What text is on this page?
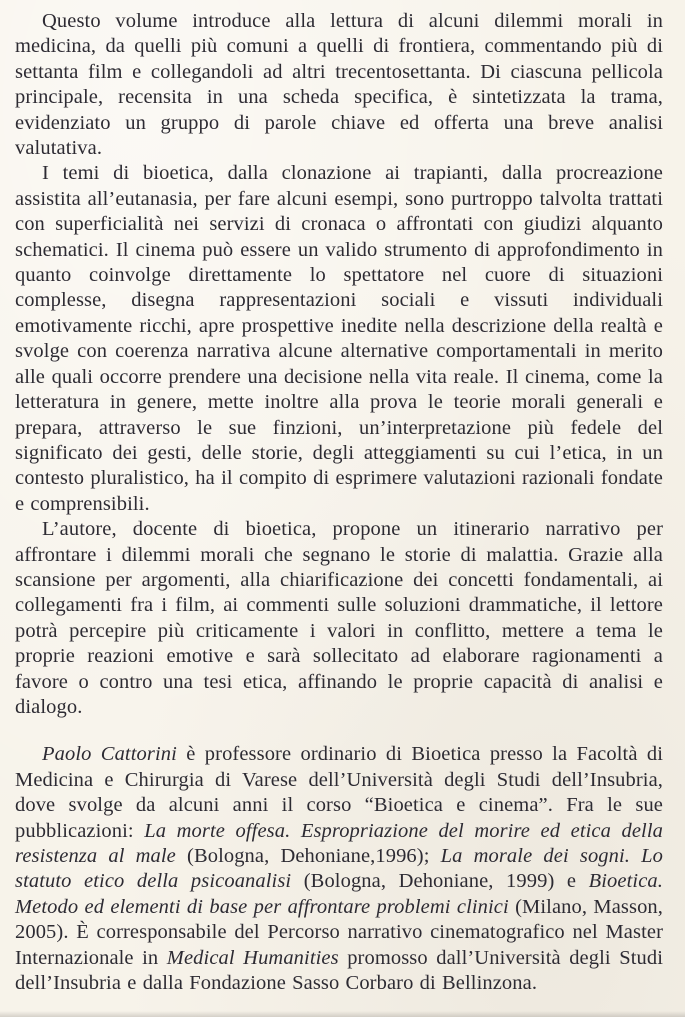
Questo volume introduce alla lettura di alcuni dilemmi morali in medicina, da quelli più comuni a quelli di frontiera, commentando più di settanta film e collegandoli ad altri trecentosettanta. Di ciascuna pellicola principale, recensita in una scheda specifica, è sintetizzata la trama, evidenziato un gruppo di parole chiave ed offerta una breve analisi valutativa.

I temi di bioetica, dalla clonazione ai trapianti, dalla procreazione assistita all’eutanasia, per fare alcuni esempi, sono purtroppo talvolta trattati con superficialità nei servizi di cronaca o affrontati con giudizi alquanto schematici. Il cinema può essere un valido strumento di approfondimento in quanto coinvolge direttamente lo spettatore nel cuore di situazioni complesse, disegna rappresentazioni sociali e vissuti individuali emotivamente ricchi, apre prospettive inedite nella descrizione della realtà e svolge con coerenza narrativa alcune alternative comportamentali in merito alle quali occorre prendere una decisione nella vita reale. Il cinema, come la letteratura in genere, mette inoltre alla prova le teorie morali generali e prepara, attraverso le sue finzioni, un’interpretazione più fedele del significato dei gesti, delle storie, degli atteggiamenti su cui l’etica, in un contesto pluralistico, ha il compito di esprimere valutazioni razionali fondate e comprensibili.

L’autore, docente di bioetica, propone un itinerario narrativo per affrontare i dilemmi morali che segnano le storie di malattia. Grazie alla scansione per argomenti, alla chiarificazione dei concetti fondamentali, ai collegamenti fra i film, ai commenti sulle soluzioni drammatiche, il lettore potrà percepire più criticamente i valori in conflitto, mettere a tema le proprie reazioni emotive e sarà sollecitato ad elaborare ragionamenti a favore o contro una tesi etica, affinando le proprie capacità di analisi e dialogo.

Paolo Cattorini è professore ordinario di Bioetica presso la Facoltà di Medicina e Chirurgia di Varese dell’Università degli Studi dell’Insubria, dove svolge da alcuni anni il corso “Bioetica e cinema”. Fra le sue pubblicazioni: La morte offesa. Espropriazione del morire ed etica della resistenza al male (Bologna, Dehoniane,1996); La morale dei sogni. Lo statuto etico della psicoanalisi (Bologna, Dehoniane, 1999) e Bioetica. Metodo ed elementi di base per affrontare problemi clinici (Milano, Masson, 2005). È corresponsabile del Percorso narrativo cinematografico nel Master Internazionale in Medical Humanities promosso dall’Università degli Studi dell’Insubria e dalla Fondazione Sasso Corbaro di Bellinzona.
